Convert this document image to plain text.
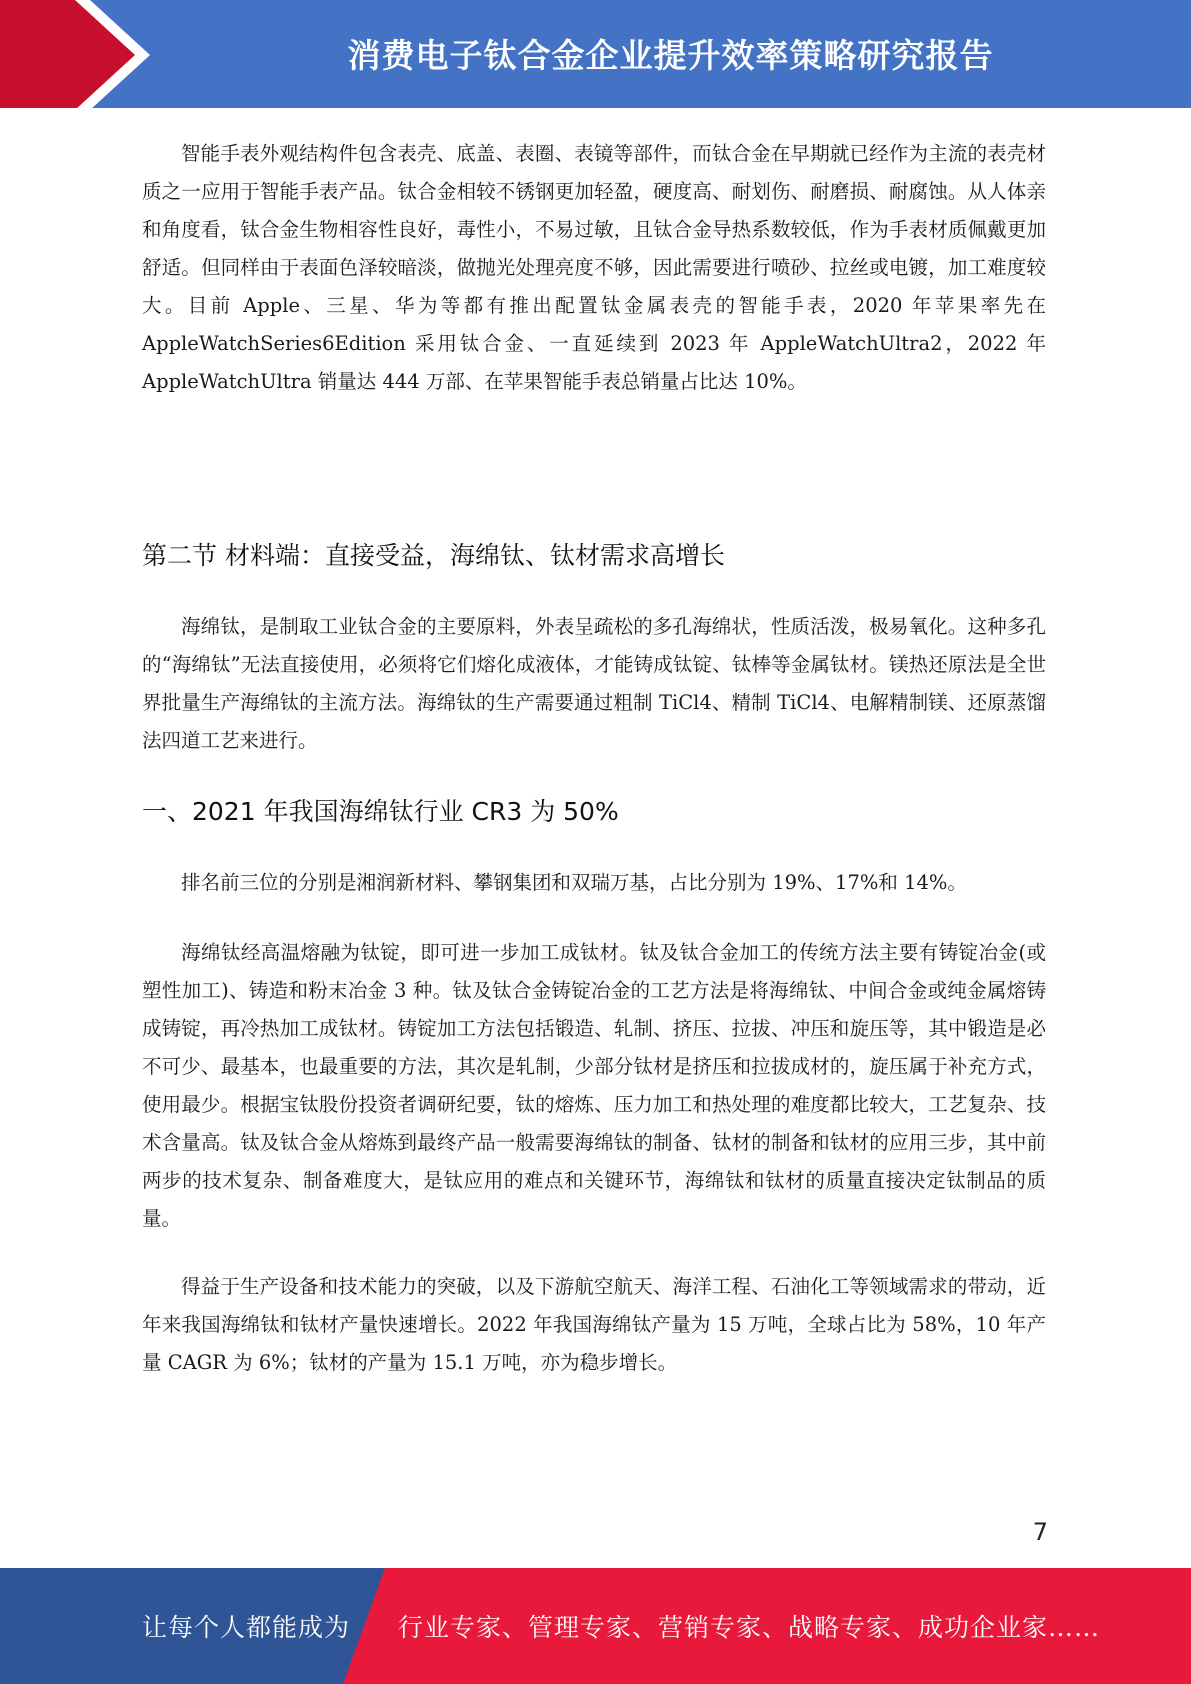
消费电子钛合金企业提升效率策略研究报告

智能手表外观结构件包含表壳、底盖、表圈、表镜等部件，而钛合金在早期就已经作为主流的表壳材质之一应用于智能手表产品。钛合金相较不锈钢更加轻盈，硬度高、耐划伤、耐磨损、耐腐蚀。从人体亲和角度看，钛合金生物相容性良好，毒性小，不易过敏，且钛合金导热系数较低，作为手表材质佩戴更加舒适。但同样由于表面色泽较暗淡，做抛光处理亮度不够，因此需要进行喷砂、拉丝或电镀，加工难度较大。目前 Apple、三星、华为等都有推出配置钛金属表壳的智能手表，2020 年苹果率先在 AppleWatchSeries6Edition 采用钛合金、一直延续到 2023 年 AppleWatchUltra2，2022 年 AppleWatchUltra 销量达 444 万部、在苹果智能手表总销量占比达 10%。

第二节 材料端：直接受益，海绵钛、钛材需求高增长

海绵钛，是制取工业钛合金的主要原料，外表呈疏松的多孔海绵状，性质活泼，极易氧化。这种多孔的“海绵钛”无法直接使用，必须将它们熔化成液体，才能铸成钛锭、钛棒等金属钛材。镁热还原法是全世界批量生产海绵钛的主流方法。海绵钛的生产需要通过粗制 TiCl4、精制 TiCl4、电解精制镁、还原蒸馏法四道工艺来进行。

一、2021 年我国海绵钛行业 CR3 为 50%

排名前三位的分别是湘润新材料、攀钢集团和双瑞万基，占比分别为 19%、17%和 14%。

海绵钛经高温熔融为钛锭，即可进一步加工成钛材。钛及钛合金加工的传统方法主要有铸锭冶金(或塑性加工)、铸造和粉末冶金 3 种。钛及钛合金铸锭冶金的工艺方法是将海绵钛、中间合金或纯金属熔铸成铸锭，再冷热加工成钛材。铸锭加工方法包括锻造、轧制、挤压、拉拔、冲压和旋压等，其中锻造是必不可少、最基本，也最重要的方法，其次是轧制，少部分钛材是挤压和拉拔成材的，旋压属于补充方式，使用最少。根据宝钛股份投资者调研纪要，钛的熔炼、压力加工和热处理的难度都比较大，工艺复杂、技术含量高。钛及钛合金从熔炼到最终产品一般需要海绵钛的制备、钛材的制备和钛材的应用三步，其中前两步的技术复杂、制备难度大，是钛应用的难点和关键环节，海绵钛和钛材的质量直接决定钛制品的质量。

得益于生产设备和技术能力的突破，以及下游航空航天、海洋工程、石油化工等领域需求的带动，近年来我国海绵钛和钛材产量快速增长。2022 年我国海绵钛产量为 15 万吨，全球占比为 58%，10 年产量 CAGR 为 6%；钛材的产量为 15.1 万吨，亦为稳步增长。

7
让每个人都能成为 行业专家、管理专家、营销专家、战略专家、成功企业家……
